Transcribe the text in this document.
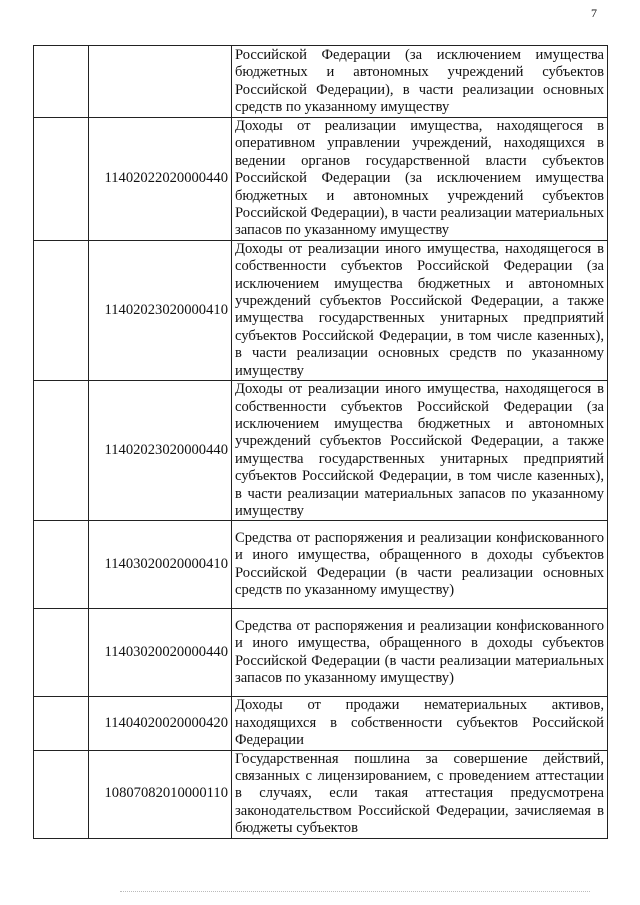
7
		Российской Федерации (за исключением имущества бюджетных и автономных учреждений субъектов Российской Федерации), в части реализации основных средств по указанному имуществу
	11402022020000440	Доходы от реализации имущества, находящегося в оперативном управлении учреждений, находящихся в ведении органов государственной власти субъектов Российской Федерации (за исключением имущества бюджетных и автономных учреждений субъектов Российской Федерации), в части реализации материальных запасов по указанному имуществу
	11402023020000410	Доходы от реализации иного имущества, находящегося в собственности субъектов Российской Федерации (за исключением имущества бюджетных и автономных учреждений субъектов Российской Федерации, а также имущества государственных унитарных предприятий субъектов Российской Федерации, в том числе казенных), в части реализации основных средств по указанному имуществу
	11402023020000440	Доходы от реализации иного имущества, находящегося в собственности субъектов Российской Федерации (за исключением имущества бюджетных и автономных учреждений субъектов Российской Федерации, а также имущества государственных унитарных предприятий субъектов Российской Федерации, в том числе казенных), в части реализации материальных запасов по указанному имуществу
	11403020020000410	Средства от распоряжения и реализации конфискованного и иного имущества, обращенного в доходы субъектов Российской Федерации (в части реализации основных средств по указанному имуществу)
	11403020020000440	Средства от распоряжения и реализации конфискованного и иного имущества, обращенного в доходы субъектов Российской Федерации (в части реализации материальных запасов по указанному имуществу)
	11404020020000420	Доходы от продажи нематериальных активов, находящихся в собственности субъектов Российской Федерации
	10807082010000110	Государственная пошлина за совершение действий, связанных с лицензированием, с проведением аттестации в случаях, если такая аттестация предусмотрена законодательством Российской Федерации, зачисляемая в бюджеты субъектов
